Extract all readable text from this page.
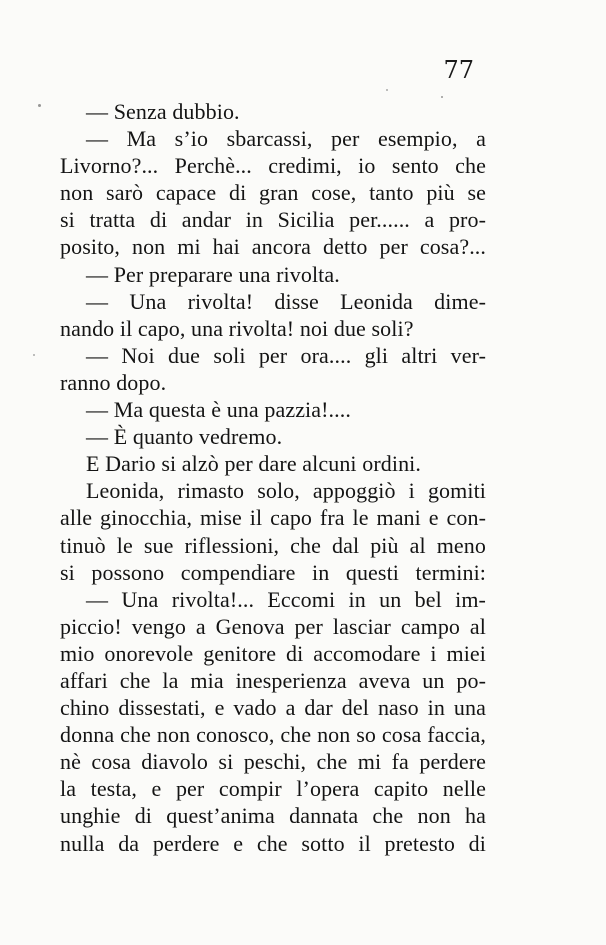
77
— Senza dubbio.
— Ma s’io sbarcassi, per esempio, a
Livorno?... Perchè... credimi, io sento che
non sarò capace di gran cose, tanto più se
si tratta di andar in Sicilia per...... a pro-
posito, non mi hai ancora detto per cosa?...
— Per preparare una rivolta.
— Una rivolta! disse Leonida dime-
nando il capo, una rivolta! noi due soli?
— Noi due soli per ora.... gli altri ver-
ranno dopo.
— Ma questa è una pazzia!....
— È quanto vedremo.
E Dario si alzò per dare alcuni ordini.
Leonida, rimasto solo, appoggiò i gomiti
alle ginocchia, mise il capo fra le mani e con-
tinuò le sue riflessioni, che dal più al meno
si possono compendiare in questi termini:
— Una rivolta!... Eccomi in un bel im-
piccio! vengo a Genova per lasciar campo al
mio onorevole genitore di accomodare i miei
affari che la mia inesperienza aveva un po-
chino dissestati, e vado a dar del naso in una
donna che non conosco, che non so cosa faccia,
nè cosa diavolo si peschi, che mi fa perdere
la testa, e per compir l’opera capito nelle
unghie di quest’anima dannata che non ha
nulla da perdere e che sotto il pretesto di
